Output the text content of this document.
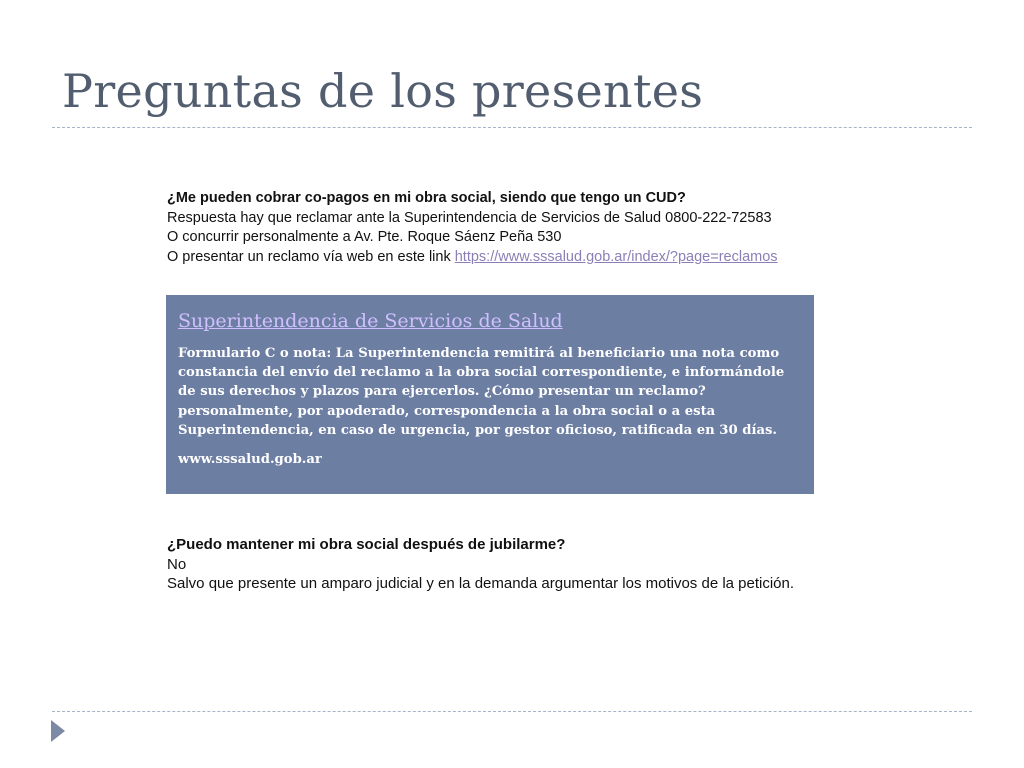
Preguntas de los presentes
¿Me pueden cobrar co-pagos en mi obra social, siendo que tengo un CUD?
Respuesta hay que reclamar ante la Superintendencia de Servicios de Salud 0800-222-72583
O concurrir personalmente a Av. Pte. Roque Sáenz Peña 530
O presentar un reclamo vía web en este link https://www.sssalud.gob.ar/index/?page=reclamos
Superintendencia de Servicios de Salud
Formulario C o nota: La Superintendencia remitirá al beneficiario una nota como constancia del envío del reclamo a la obra social correspondiente, e informándole de sus derechos y plazos para ejercerlos. ¿Cómo presentar un reclamo? personalmente, por apoderado, correspondencia a la obra social o a esta Superintendencia, en caso de urgencia, por gestor oficioso, ratificada en 30 días.
www.sssalud.gob.ar
¿Puedo mantener mi obra social después de jubilarme?
No
Salvo que presente un amparo judicial y en la demanda argumentar los motivos de la petición.
